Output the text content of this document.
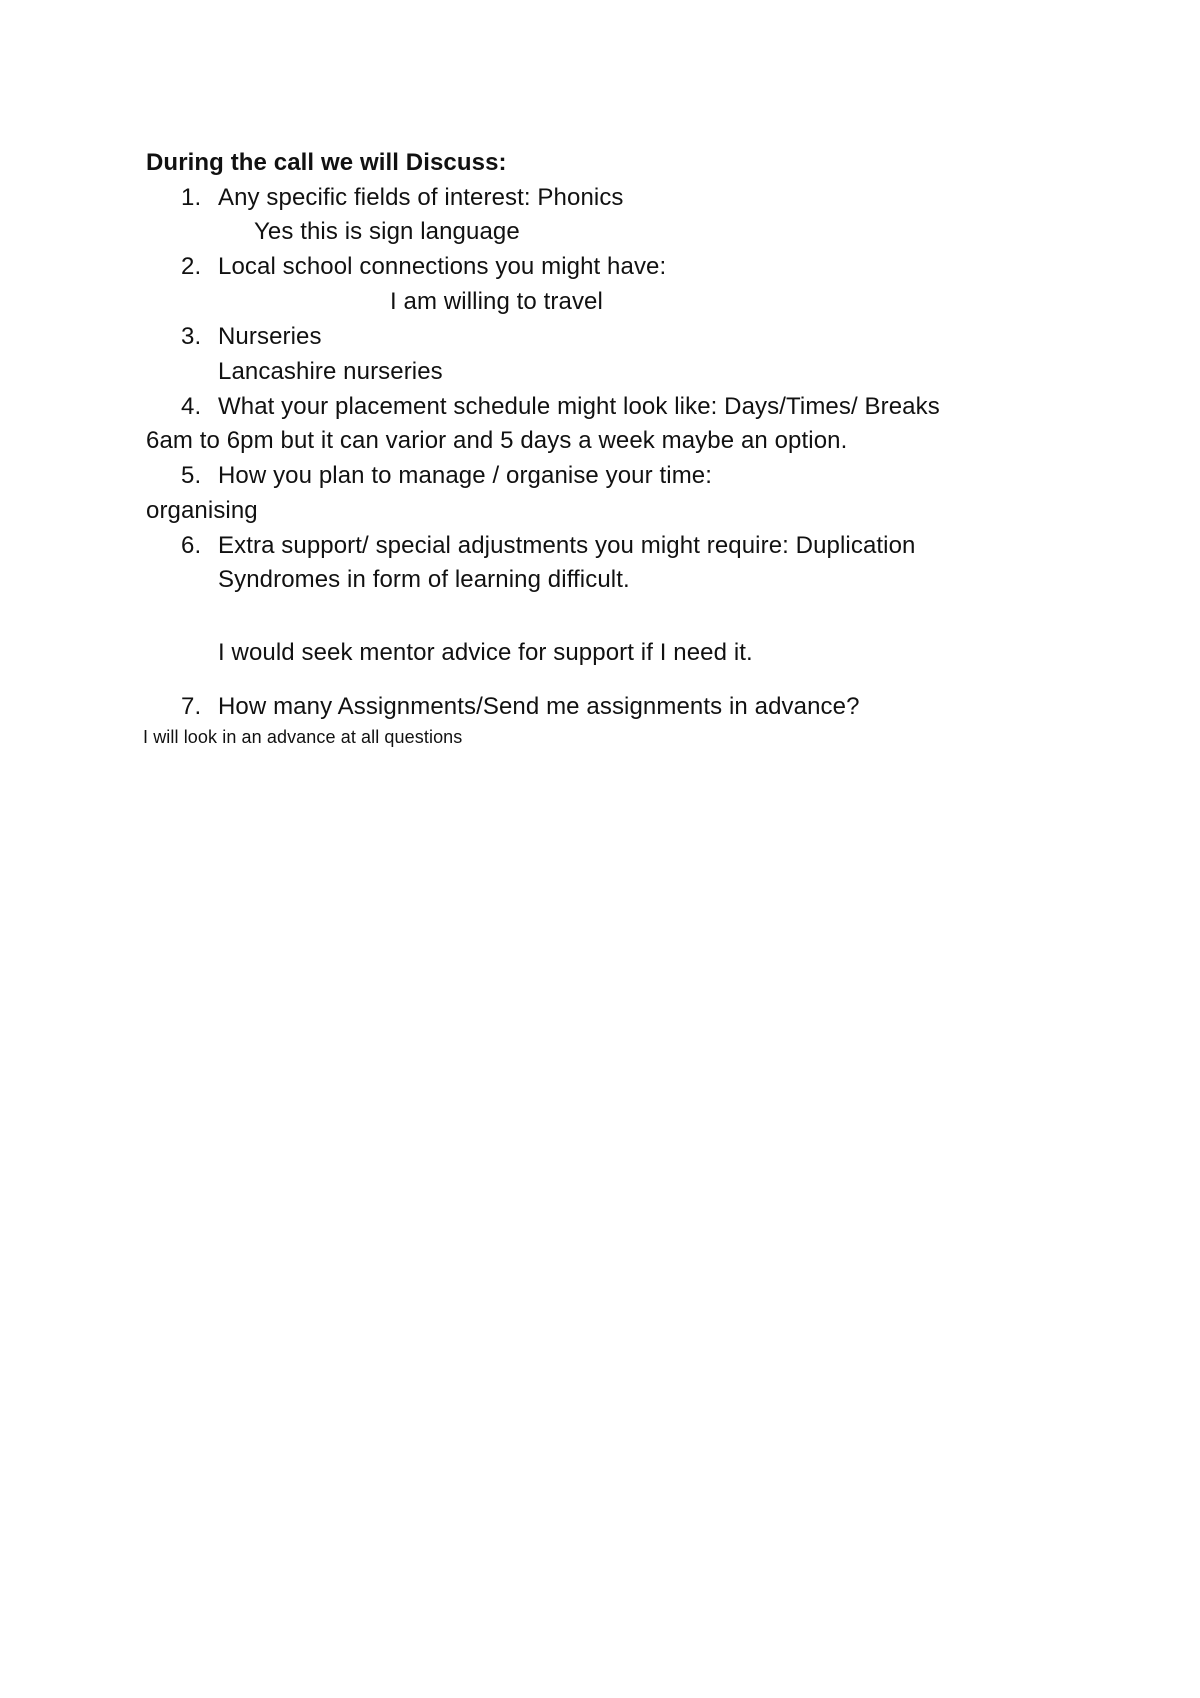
During the call we will Discuss:
1. Any specific fields of interest: Phonics
Yes this is sign language
2. Local school connections you might have:
I am willing to travel
3. Nurseries
Lancashire nurseries
4. What your placement schedule might look like: Days/Times/ Breaks
6am to 6pm but it can varior and 5 days a week maybe an option.
5. How you plan to manage / organise your time:
organising
6. Extra support/ special adjustments you might require: Duplication
Syndromes in form of learning difficult.
I would seek mentor advice for support if I need it.
7. How many Assignments/Send me assignments in advance?
I will look in an advance at all questions
